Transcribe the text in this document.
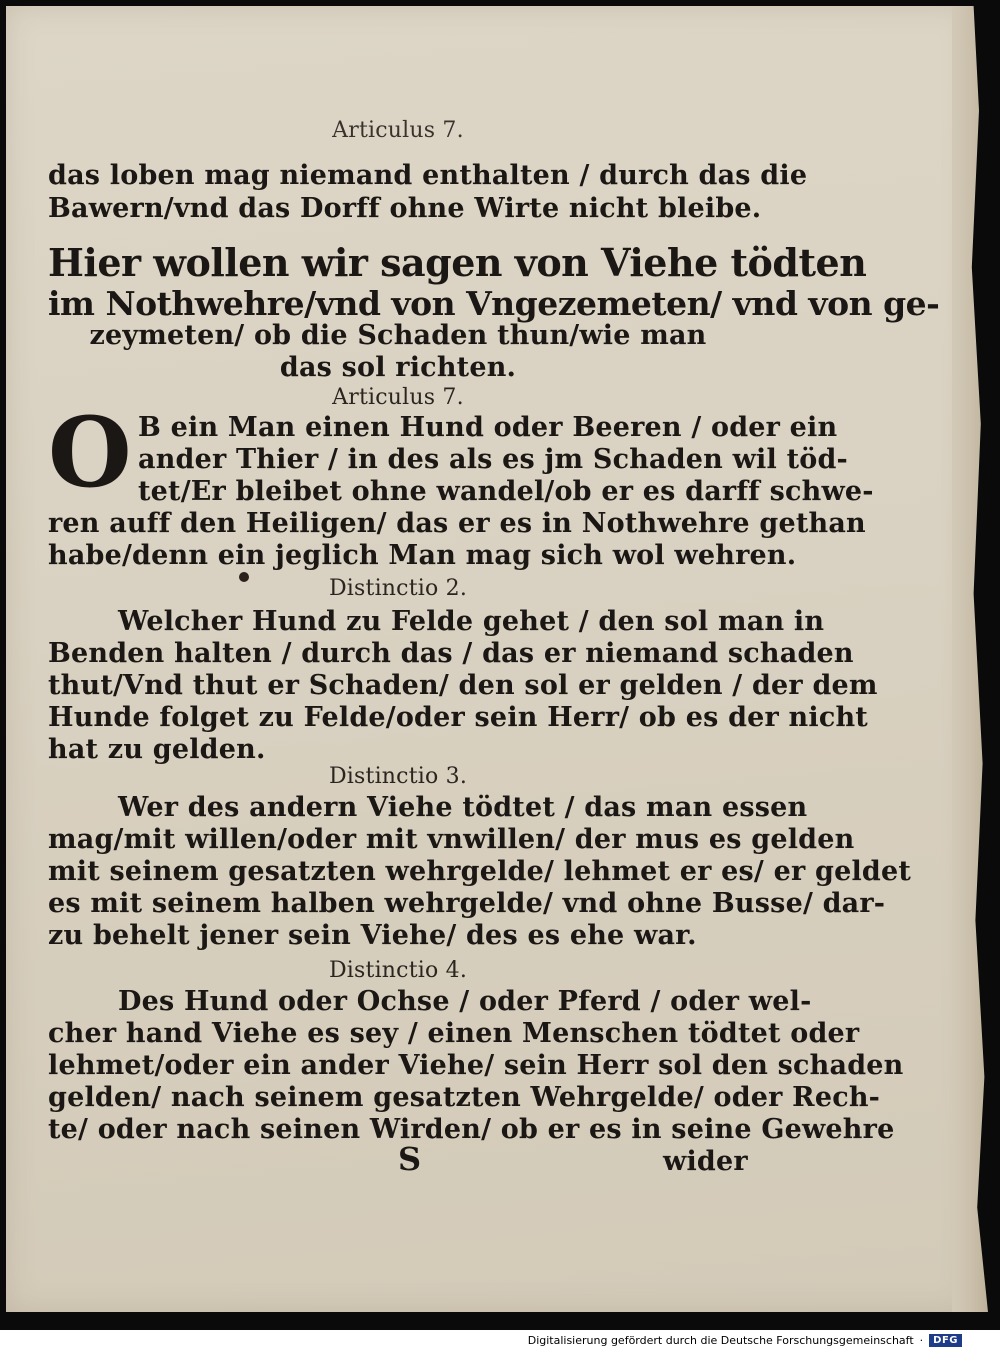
Articulus 7.
das loben mag niemand enthalten / durch das die
Bawern/vnd das Dorff ohne Wirte nicht bleibe.
Hier wollen wir sagen von Viehe tödten
im Nothwehre/vnd von Vngezemeten/ vnd von ge-
zeymeten/ ob die Schaden thun/wie man
das sol richten.
Articulus 7.
B ein Man einen Hund oder Beeren / oder ein
ander Thier / in des als es jm Schaden wil töd-
tet/Er bleibet ohne wandel/ob er es darff schwe-
ren auff den Heiligen/ das er es in Nothwehre gethan
habe/denn ein jeglich Man mag sich wol wehren.
Distinctio 2.
Welcher Hund zu Felde gehet / den sol man in
Benden halten / durch das / das er niemand schaden
thut/Vnd thut er Schaden/ den sol er gelden / der dem
Hunde folget zu Felde/oder sein Herr/ ob es der nicht
hat zu gelden.
Distinctio 3.
Wer des andern Viehe tödtet / das man essen
mag/mit willen/oder mit vnwillen/ der mus es gelden
mit seinem gesatzten wehrgelde/ lehmet er es/ er geldet
es mit seinem halben wehrgelde/ vnd ohne Busse/ dar-
zu behelt jener sein Viehe/ des es ehe war.
Distinctio 4.
Des Hund oder Ochse / oder Pferd / oder wel-
cher hand Viehe es sey / einen Menschen tödtet oder
lehmet/oder ein ander Viehe/ sein Herr sol den schaden
gelden/ nach seinem gesatzten Wehrgelde/ oder Rech-
te/ oder nach seinen Wirden/ ob er es in seine Gewehre
S	wider
O
Digitalisierung gefördert durch die Deutsche Forschungsgemeinschaft ·	DFG
